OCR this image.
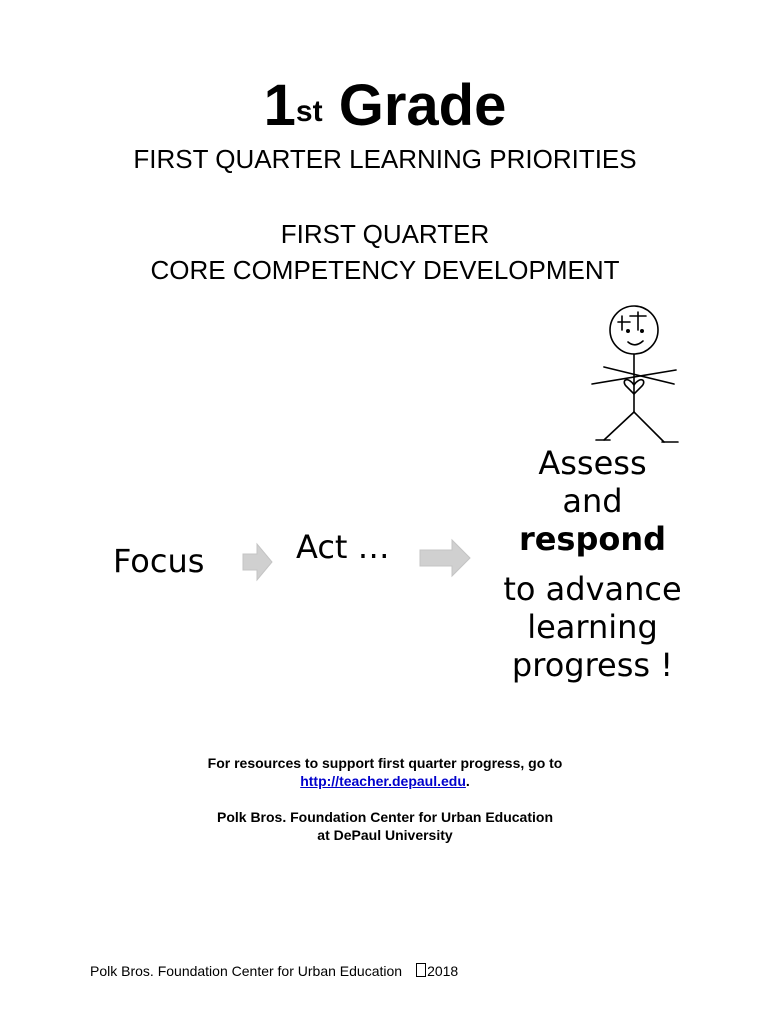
1st Grade
FIRST QUARTER LEARNING PRIORITIES
FIRST QUARTER
CORE COMPETENCY DEVELOPMENT
Focus	Act …
Assess
and
respond
to advance
learning
progress !
For resources to support first quarter progress, go to
http://teacher.depaul.edu.
Polk Bros. Foundation Center for Urban Education
at DePaul University
Polk Bros. Foundation Center for Urban Education 2018
